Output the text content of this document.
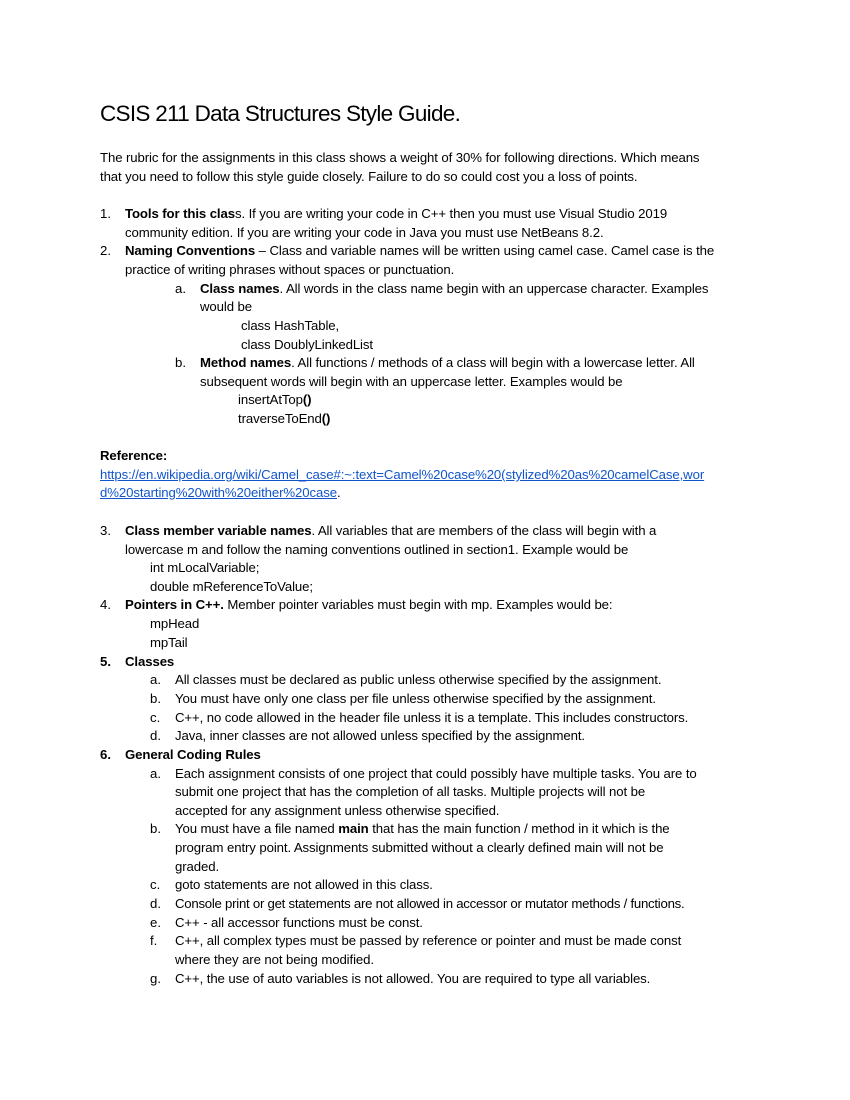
CSIS 211 Data Structures Style Guide.
The rubric for the assignments in this class shows a weight of 30% for following directions. Which means
that you need to follow this style guide closely. Failure to do so could cost you a loss of points.
1. Tools for this class. If you are writing your code in C++ then you must use Visual Studio 2019
community edition. If you are writing your code in Java you must use NetBeans 8.2.
2. Naming Conventions – Class and variable names will be written using camel case. Camel case is the
practice of writing phrases without spaces or punctuation.
a. Class names. All words in the class name begin with an uppercase character. Examples
would be
class HashTable,
class DoublyLinkedList
b. Method names. All functions / methods of a class will begin with a lowercase letter. All
subsequent words will begin with an uppercase letter. Examples would be
insertAtTop()
traverseToEnd()
Reference:
https://en.wikipedia.org/wiki/Camel_case#:~:text=Camel%20case%20(stylized%20as%20camelCase,wor
d%20starting%20with%20either%20case.
3. Class member variable names. All variables that are members of the class will begin with a
lowercase m and follow the naming conventions outlined in section1. Example would be
int mLocalVariable;
double mReferenceToValue;
4. Pointers in C++. Member pointer variables must begin with mp. Examples would be:
mpHead
mpTail
5. Classes
a. All classes must be declared as public unless otherwise specified by the assignment.
b. You must have only one class per file unless otherwise specified by the assignment.
c. C++, no code allowed in the header file unless it is a template. This includes constructors.
d. Java, inner classes are not allowed unless specified by the assignment.
6. General Coding Rules
a. Each assignment consists of one project that could possibly have multiple tasks. You are to
submit one project that has the completion of all tasks. Multiple projects will not be
accepted for any assignment unless otherwise specified.
b. You must have a file named main that has the main function / method in it which is the
program entry point. Assignments submitted without a clearly defined main will not be
graded.
c. goto statements are not allowed in this class.
d. Console print or get statements are not allowed in accessor or mutator methods / functions.
e. C++ - all accessor functions must be const.
f. C++, all complex types must be passed by reference or pointer and must be made const
where they are not being modified.
g. C++, the use of auto variables is not allowed. You are required to type all variables.
